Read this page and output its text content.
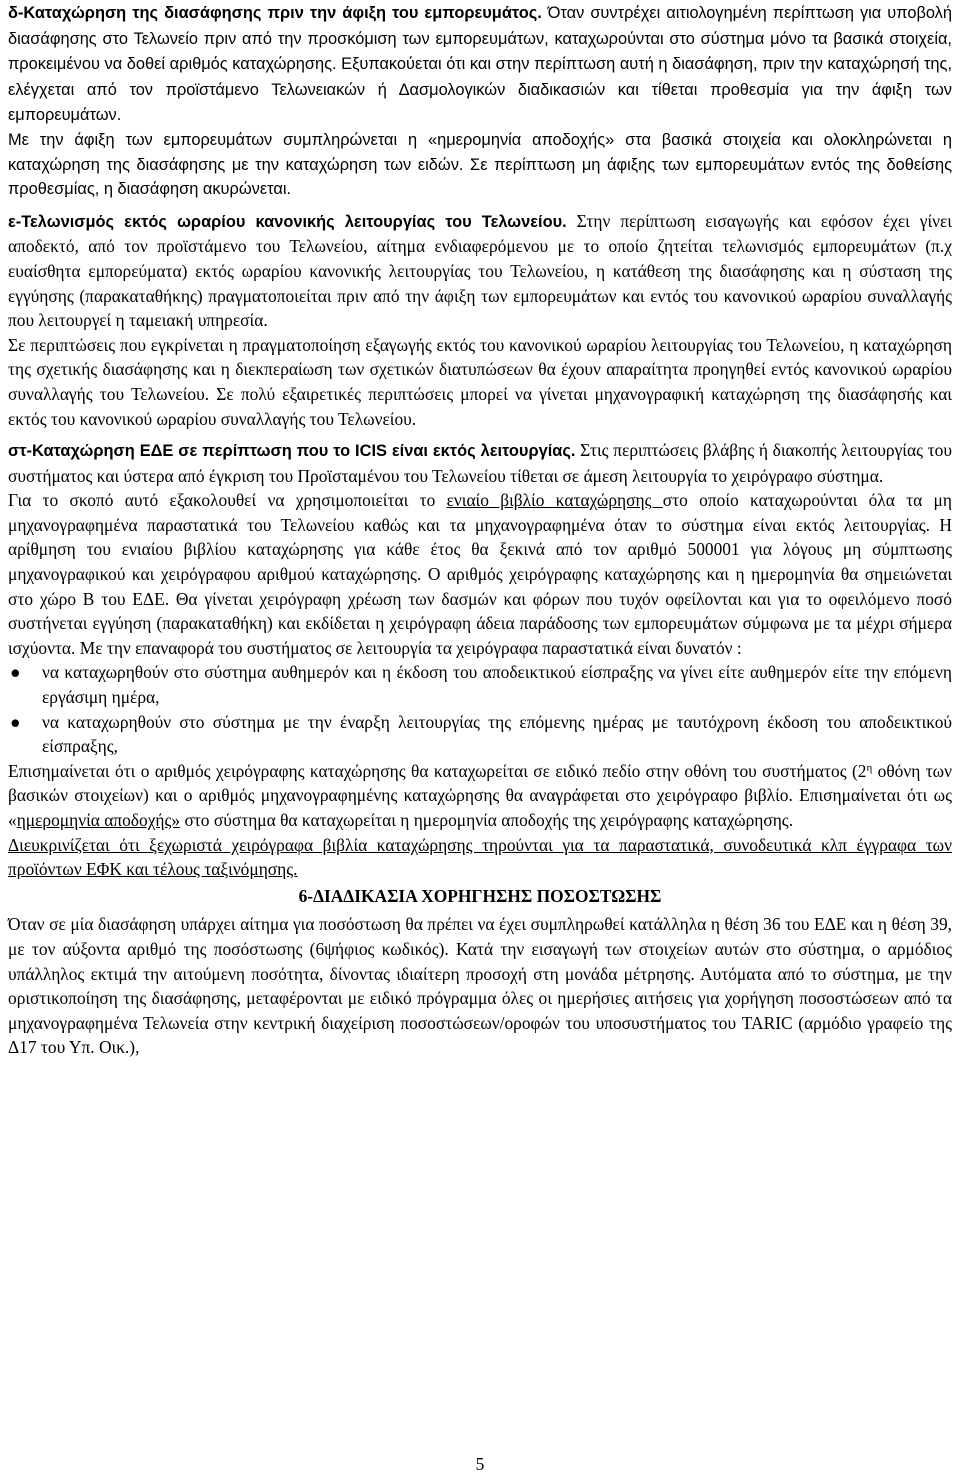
δ-Καταχώρηση της διασάφησης πριν την άφιξη του εμπορευμάτος. Όταν συντρέχει αιτιολογημένη περίπτωση για υποβολή διασάφησης στο Τελωνείο πριν από την προσκόμιση των εμπορευμάτων, καταχωρούνται στο σύστημα μόνο τα βασικά στοιχεία, προκειμένου να δοθεί αριθμός καταχώρησης. Εξυπακούεται ότι και στην περίπτωση αυτή η διασάφηση, πριν την καταχώρησή της, ελέγχεται από τον προϊστάμενο Τελωνειακών ή Δασμολογικών διαδικασιών και τίθεται προθεσμία για την άφιξη των εμπορευμάτων.

Με την άφιξη των εμπορευμάτων συμπληρώνεται η «ημερομηνία αποδοχής» στα βασικά στοιχεία και ολοκληρώνεται η καταχώρηση της διασάφησης με την καταχώρηση των ειδών. Σε περίπτωση μη άφιξης των εμπορευμάτων εντός της δοθείσης προθεσμίας, η διασάφηση ακυρώνεται.

ε-Τελωνισμός εκτός ωραρίου κανονικής λειτουργίας του Τελωνείου. Στην περίπτωση εισαγωγής και εφόσον έχει γίνει αποδεκτό, από τον προϊστάμενο του Τελωνείου, αίτημα ενδιαφερόμενου με το οποίο ζητείται τελωνισμός εμπορευμάτων (π.χ ευαίσθητα εμπορεύματα) εκτός ωραρίου κανονικής λειτουργίας του Τελωνείου, η κατάθεση της διασάφησης και η σύσταση της εγγύησης (παρακαταθήκης) πραγματοποιείται πριν από την άφιξη των εμπορευμάτων και εντός του κανονικού ωραρίου συναλλαγής που λειτουργεί η ταμειακή υπηρεσία.

Σε περιπτώσεις που εγκρίνεται η πραγματοποίηση εξαγωγής εκτός του κανονικού ωραρίου λειτουργίας του Τελωνείου, η καταχώρηση της σχετικής διασάφησης και η διεκπεραίωση των σχετικών διατυπώσεων θα έχουν απαραίτητα προηγηθεί εντός κανονικού ωραρίου συναλλαγής του Τελωνείου. Σε πολύ εξαιρετικές περιπτώσεις μπορεί να γίνεται μηχανογραφική καταχώρηση της διασάφησής και εκτός του κανονικού ωραρίου συναλλαγής του Τελωνείου.

στ-Καταχώρηση ΕΔΕ σε περίπτωση που το ICIS είναι εκτός λειτουργίας. Στις περιπτώσεις βλάβης ή διακοπής λειτουργίας του συστήματος και ύστερα από έγκριση του Προϊσταμένου του Τελωνείου τίθεται σε άμεση λειτουργία το χειρόγραφο σύστημα.

Για το σκοπό αυτό εξακολουθεί να χρησιμοποιείται το ενιαίο βιβλίο καταχώρησης στο οποίο καταχωρούνται όλα τα μη μηχανογραφημένα παραστατικά του Τελωνείου καθώς και τα μηχανογραφημένα όταν το σύστημα είναι εκτός λειτουργίας. Η αρίθμηση του ενιαίου βιβλίου καταχώρησης για κάθε έτος θα ξεκινά από τον αριθμό 500001 για λόγους μη σύμπτωσης μηχανογραφικού και χειρόγραφου αριθμού καταχώρησης. Ο αριθμός χειρόγραφης καταχώρησης και η ημερομηνία θα σημειώνεται στο χώρο Β του ΕΔΕ. Θα γίνεται χειρόγραφη χρέωση των δασμών και φόρων που τυχόν οφείλονται και για το οφειλόμενο ποσό συστήνεται εγγύηση (παρακαταθήκη) και εκδίδεται η χειρόγραφη άδεια παράδοσης των εμπορευμάτων σύμφωνα με τα μέχρι σήμερα ισχύοντα. Με την επαναφορά του συστήματος σε λειτουργία τα χειρόγραφα παραστατικά είναι δυνατόν :

● να καταχωρηθούν στο σύστημα αυθημερόν και η έκδοση του αποδεικτικού είσπραξης να γίνει είτε αυθημερόν είτε την επόμενη εργάσιμη ημέρα,
● να καταχωρηθούν στο σύστημα με την έναρξη λειτουργίας της επόμενης ημέρας με ταυτόχρονη έκδοση του αποδεικτικού είσπραξης,

Επισημαίνεται ότι ο αριθμός χειρόγραφης καταχώρησης θα καταχωρείται σε ειδικό πεδίο στην οθόνη του συστήματος ($2^\eta$ οθόνη των βασικών στοιχείων) και ο αριθμός μηχανογραφημένης καταχώρησης θα αναγράφεται στο χειρόγραφο βιβλίο. Επισημαίνεται ότι ως «ημερομηνία αποδοχής» στο σύστημα θα καταχωρείται η ημερομηνία αποδοχής της χειρόγραφης καταχώρησης.

Διευκρινίζεται ότι ξεχωριστά χειρόγραφα βιβλία καταχώρησης τηρούνται για τα παραστατικά, συνοδευτικά κλπ έγγραφα των προϊόντων ΕΦΚ και τέλους ταξινόμησης.

6-ΔΙΑΔΙΚΑΣΙΑ ΧΟΡΗΓΗΣΗΣ ΠΟΣΟΣΤΩΣΗΣ

Όταν σε μία διασάφηση υπάρχει αίτημα για ποσόστωση θα πρέπει να έχει συμπληρωθεί κατάλληλα η θέση 36 του ΕΔΕ και η θέση 39, με τον αύξοντα αριθμό της ποσόστωσης (6ψήφιος κωδικός). Κατά την εισαγωγή των στοιχείων αυτών στο σύστημα, ο αρμόδιος υπάλληλος εκτιμά την αιτούμενη ποσότητα, δίνοντας ιδιαίτερη προσοχή στη μονάδα μέτρησης. Αυτόματα από το σύστημα, με την οριστικοποίηση της διασάφησης, μεταφέρονται με ειδικό πρόγραμμα όλες οι ημερήσιες αιτήσεις για χορήγηση ποσοστώσεων από τα μηχανογραφημένα Τελωνεία στην κεντρική διαχείριση ποσοστώσεων/οροφών του υποσυστήματος του TARIC (αρμόδιο γραφείο της Δ17 του Υπ. Οικ.),

5
